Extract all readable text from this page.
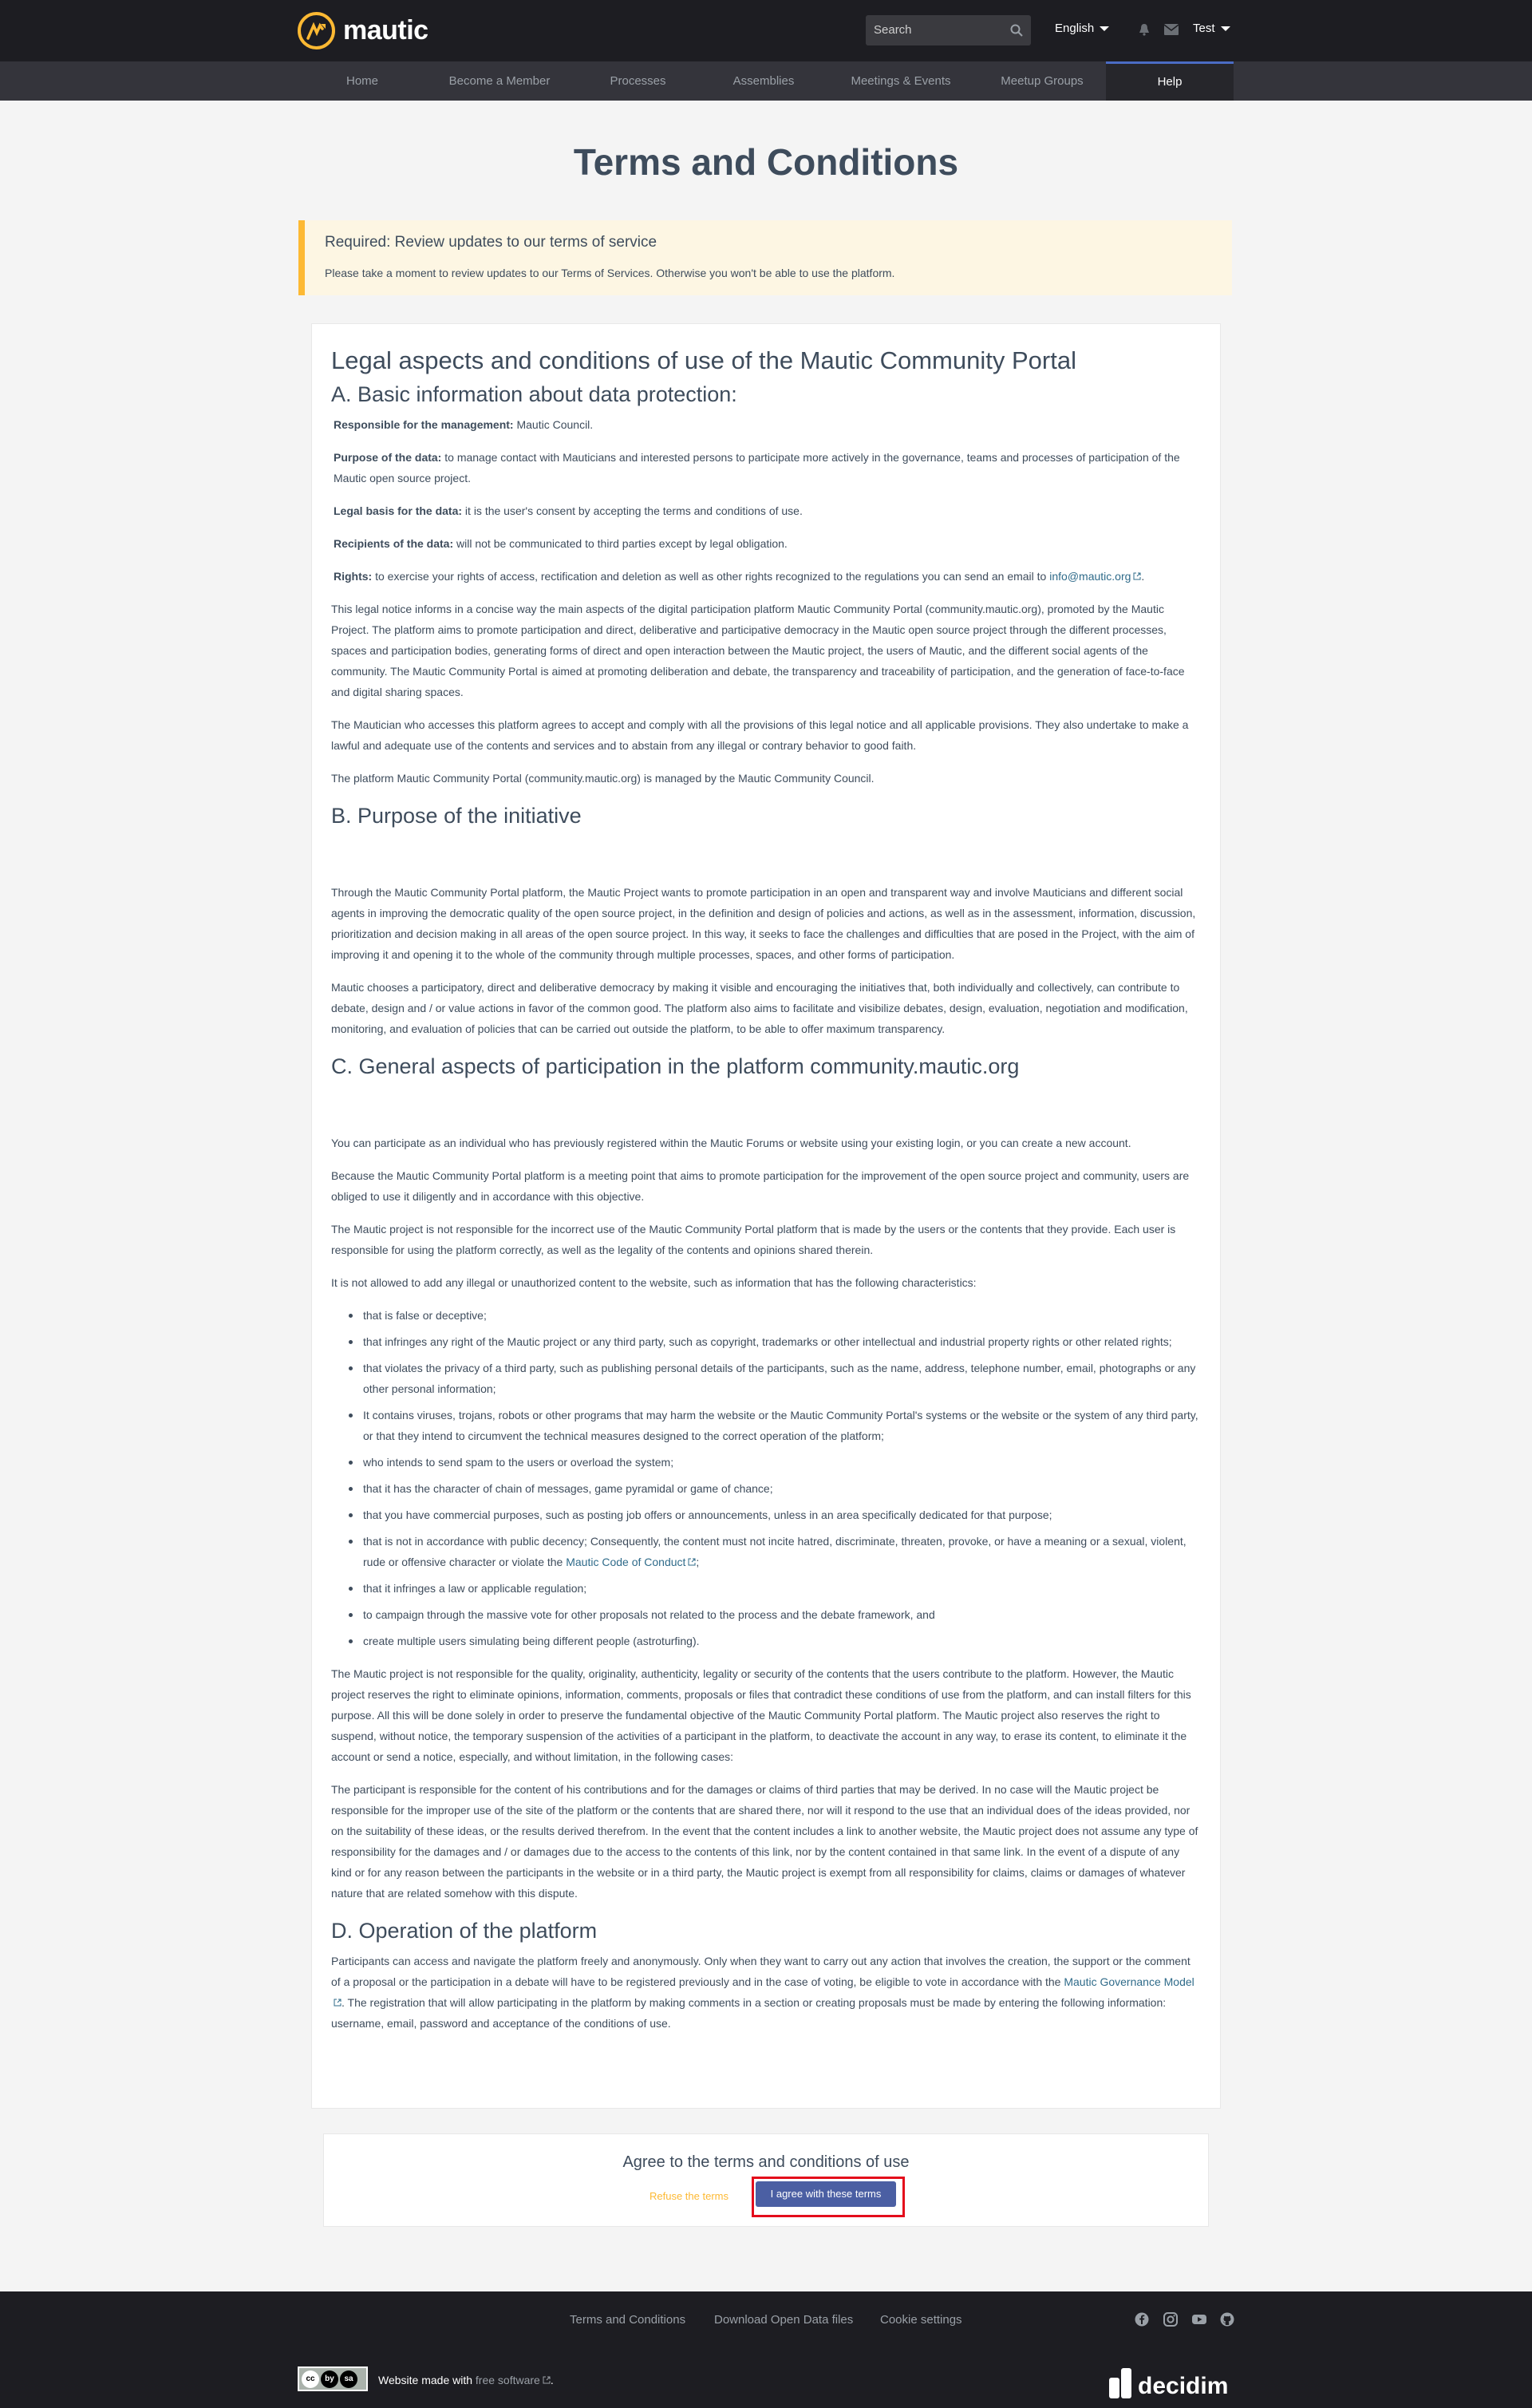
mautic	Search	English	Test
Home	Become a Member	Processes	Assemblies	Meetings & Events	Meetup Groups	Help
Terms and Conditions
Required: Review updates to our terms of service
Please take a moment to review updates to our Terms of Services. Otherwise you won't be able to use the platform.
Legal aspects and conditions of use of the Mautic Community Portal
A. Basic information about data protection:

Responsible for the management: Mautic Council.

Purpose of the data: to manage contact with Mauticians and interested persons to participate more actively in the governance, teams and processes of participation of the Mautic open source project.

Legal basis for the data: it is the user's consent by accepting the terms and conditions of use.

Recipients of the data: will not be communicated to third parties except by legal obligation.

Rights: to exercise your rights of access, rectification and deletion as well as other rights recognized to the regulations you can send an email to info@mautic.org .

This legal notice informs in a concise way the main aspects of the digital participation platform Mautic Community Portal (community.mautic.org), promoted by the Mautic Project. The platform aims to promote participation and direct, deliberative and participative democracy in the Mautic open source project through the different processes, spaces and participation bodies, generating forms of direct and open interaction between the Mautic project, the users of Mautic, and the different social agents of the community. The Mautic Community Portal is aimed at promoting deliberation and debate, the transparency and traceability of participation, and the generation of face-to-face and digital sharing spaces.

The Mautician who accesses this platform agrees to accept and comply with all the provisions of this legal notice and all applicable provisions. They also undertake to make a lawful and adequate use of the contents and services and to abstain from any illegal or contrary behavior to good faith.

The platform Mautic Community Portal (community.mautic.org) is managed by the Mautic Community Council.

B. Purpose of the initiative

Through the Mautic Community Portal platform, the Mautic Project wants to promote participation in an open and transparent way and involve Mauticians and different social agents in improving the democratic quality of the open source project, in the definition and design of policies and actions, as well as in the assessment, information, discussion, prioritization and decision making in all areas of the open source project. In this way, it seeks to face the challenges and difficulties that are posed in the Project, with the aim of improving it and opening it to the whole of the community through multiple processes, spaces, and other forms of participation.

Mautic chooses a participatory, direct and deliberative democracy by making it visible and encouraging the initiatives that, both individually and collectively, can contribute to debate, design and / or value actions in favor of the common good. The platform also aims to facilitate and visibilize debates, design, evaluation, negotiation and modification, monitoring, and evaluation of policies that can be carried out outside the platform, to be able to offer maximum transparency.

C. General aspects of participation in the platform community.mautic.org

You can participate as an individual who has previously registered within the Mautic Forums or website using your existing login, or you can create a new account.

Because the Mautic Community Portal platform is a meeting point that aims to promote participation for the improvement of the open source project and community, users are obliged to use it diligently and in accordance with this objective.

The Mautic project is not responsible for the incorrect use of the Mautic Community Portal platform that is made by the users or the contents that they provide. Each user is responsible for using the platform correctly, as well as the legality of the contents and opinions shared therein.

It is not allowed to add any illegal or unauthorized content to the website, such as information that has the following characteristics:

that is false or deceptive;
that infringes any right of the Mautic project or any third party, such as copyright, trademarks or other intellectual and industrial property rights or other related rights;
that violates the privacy of a third party, such as publishing personal details of the participants, such as the name, address, telephone number, email, photographs or any other personal information;
It contains viruses, trojans, robots or other programs that may harm the website or the Mautic Community Portal's systems or the website or the system of any third party, or that they intend to circumvent the technical measures designed to the correct operation of the platform;
who intends to send spam to the users or overload the system;
that it has the character of chain of messages, game pyramidal or game of chance;
that you have commercial purposes, such as posting job offers or announcements, unless in an area specifically dedicated for that purpose;
that is not in accordance with public decency; Consequently, the content must not incite hatred, discriminate, threaten, provoke, or have a meaning or a sexual, violent, rude or offensive character or violate the Mautic Code of Conduct ;
that it infringes a law or applicable regulation;
to campaign through the massive vote for other proposals not related to the process and the debate framework, and
create multiple users simulating being different people (astroturfing).

The Mautic project is not responsible for the quality, originality, authenticity, legality or security of the contents that the users contribute to the platform. However, the Mautic project reserves the right to eliminate opinions, information, comments, proposals or files that contradict these conditions of use from the platform, and can install filters for this purpose. All this will be done solely in order to preserve the fundamental objective of the Mautic Community Portal platform. The Mautic project also reserves the right to suspend, without notice, the temporary suspension of the activities of a participant in the platform, to deactivate the account in any way, to erase its content, to eliminate it the account or send a notice, especially, and without limitation, in the following cases:

The participant is responsible for the content of his contributions and for the damages or claims of third parties that may be derived. In no case will the Mautic project be responsible for the improper use of the site of the platform or the contents that are shared there, nor will it respond to the use that an individual does of the ideas provided, nor on the suitability of these ideas, or the results derived therefrom. In the event that the content includes a link to another website, the Mautic project does not assume any type of responsibility for the damages and / or damages due to the access to the contents of this link, nor by the content contained in that same link. In the event of a dispute of any kind or for any reason between the participants in the website or in a third party, the Mautic project is exempt from all responsibility for claims, claims or damages of whatever nature that are related somehow with this dispute.

D. Operation of the platform

Participants can access and navigate the platform freely and anonymously. Only when they want to carry out any action that involves the creation, the support or the comment of a proposal or the participation in a debate will have to be registered previously and in the case of voting, be eligible to vote in accordance with the Mautic Governance Model. The registration that will allow participating in the platform by making comments in a section or creating proposals must be made by entering the following information: username, email, password and acceptance of the conditions of use.

Agree to the terms and conditions of use
Refuse the terms	I agree with these terms
Terms and Conditions Download Open Data files Cookie settings
cc	by	sa	Website made with free software .	decidim
